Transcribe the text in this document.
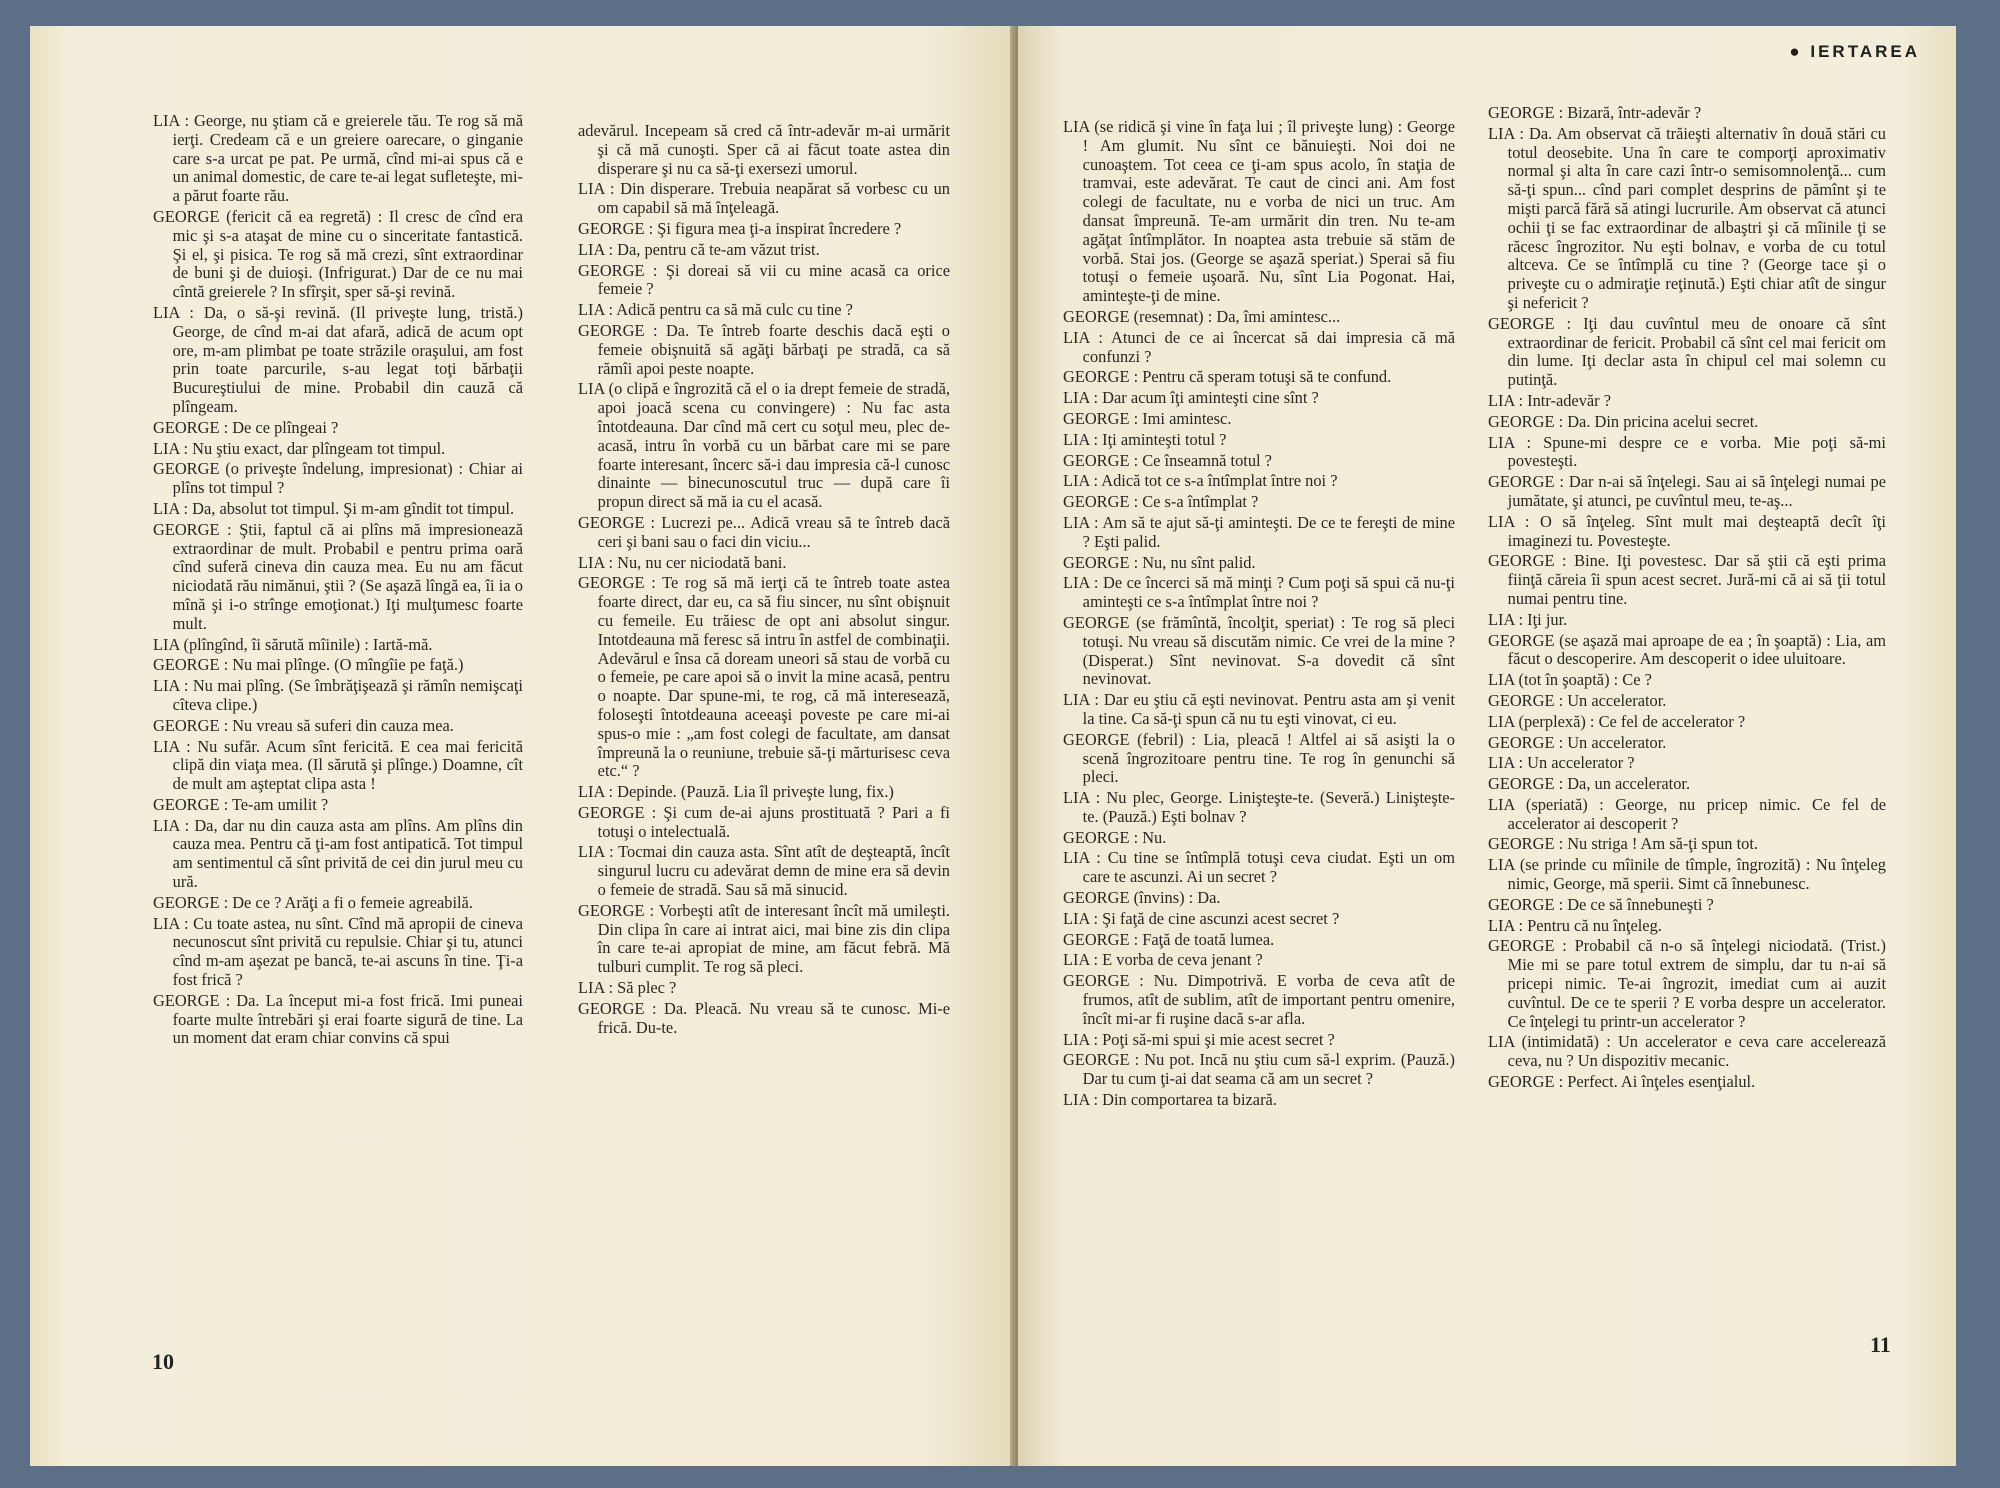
● IERTAREA

LIA : George, nu ştiam că e greierele tău. Te rog să mă ierţi. Credeam că e un greiere oarecare, o ginganie care s-a urcat pe pat. Pe urmă, cînd mi-ai spus că e un animal domestic, de care te-ai legat sufleteşte, mi-a părut foarte rău.

GEORGE (fericit că ea regretă) : Il cresc de cînd era mic şi s-a ataşat de mine cu o sinceritate fantastică. Şi el, şi pisica. Te rog să mă crezi, sînt extraordinar de buni şi de duioşi. (Infrigurat.) Dar de ce nu mai cîntă greierele ? In sfîrşit, sper să-şi revină.

LIA : Da, o să-şi revină. (Il priveşte lung, tristă.) George, de cînd m-ai dat afară, adică de acum opt ore, m-am plimbat pe toate străzile oraşului, am fost prin toate parcurile, s-au legat toţi bărbaţii Bucureştiului de mine. Probabil din cauză că plîngeam.

GEORGE : De ce plîngeai ?

LIA : Nu ştiu exact, dar plîngeam tot timpul.

GEORGE (o priveşte îndelung, impresionat) : Chiar ai plîns tot timpul ?

LIA : Da, absolut tot timpul. Şi m-am gîndit tot timpul.

GEORGE : Ştii, faptul că ai plîns mă impresionează extraordinar de mult. Probabil e pentru prima oară cînd suferă cineva din cauza mea. Eu nu am făcut niciodată rău nimănui, ştii ? (Se aşază lîngă ea, îi ia o mînă şi i-o strînge emoţionat.) Iţi mulţumesc foarte mult.

LIA (plîngînd, îi sărută mîinile) : Iartă-mă.

GEORGE : Nu mai plînge. (O mîngîie pe faţă.)

LIA : Nu mai plîng. (Se îmbrăţişează şi rămîn nemişcaţi cîteva clipe.)

GEORGE : Nu vreau să suferi din cauza mea.

LIA : Nu sufăr. Acum sînt fericită. E cea mai fericită clipă din viaţa mea. (Il sărută şi plînge.) Doamne, cît de mult am aşteptat clipa asta !

GEORGE : Te-am umilit ?

LIA : Da, dar nu din cauza asta am plîns. Am plîns din cauza mea. Pentru că ţi-am fost antipatică. Tot timpul am sentimentul că sînt privită de cei din jurul meu cu ură.

GEORGE : De ce ? Arăţi a fi o femeie agreabilă.

LIA : Cu toate astea, nu sînt. Cînd mă apropii de cineva necunoscut sînt privită cu repulsie. Chiar şi tu, atunci cînd m-am aşezat pe bancă, te-ai ascuns în tine. Ţi-a fost frică ?

GEORGE : Da. La început mi-a fost frică. Imi puneai foarte multe întrebări şi erai foarte sigură de tine. La un moment dat eram chiar convins că spui

adevărul. Incepeam să cred că într-adevăr m-ai urmărit şi că mă cunoşti. Sper că ai făcut toate astea din disperare şi nu ca să-ţi exersezi umorul.

LIA : Din disperare. Trebuia neapărat să vorbesc cu un om capabil să mă înţeleagă.

GEORGE : Şi figura mea ţi-a inspirat încredere ?

LIA : Da, pentru că te-am văzut trist.

GEORGE : Şi doreai să vii cu mine acasă ca orice femeie ?

LIA : Adică pentru ca să mă culc cu tine ?

GEORGE : Da. Te întreb foarte deschis dacă eşti o femeie obişnuită să agăţi bărbaţi pe stradă, ca să rămîi apoi peste noapte.

LIA (o clipă e îngrozită că el o ia drept femeie de stradă, apoi joacă scena cu convingere) : Nu fac asta întotdeauna. Dar cînd mă cert cu soţul meu, plec de-acasă, intru în vorbă cu un bărbat care mi se pare foarte interesant, încerc să-i dau impresia că-l cunosc dinainte — binecunoscutul truc — după care îi propun direct să mă ia cu el acasă.

GEORGE : Lucrezi pe... Adică vreau să te întreb dacă ceri şi bani sau o faci din viciu...

LIA : Nu, nu cer niciodată bani.

GEORGE : Te rog să mă ierţi că te întreb toate astea foarte direct, dar eu, ca să fiu sincer, nu sînt obişnuit cu femeile. Eu trăiesc de opt ani absolut singur. Intotdeauna mă feresc să intru în astfel de combinaţii. Adevărul e însa că doream uneori să stau de vorbă cu o femeie, pe care apoi să o invit la mine acasă, pentru o noapte. Dar spune-mi, te rog, că mă interesează, foloseşti întotdeauna aceeaşi poveste pe care mi-ai spus-o mie : „am fost colegi de facultate, am dansat împreună la o reuniune, trebuie să-ţi mărturisesc ceva etc.“ ?

LIA : Depinde. (Pauză. Lia îl priveşte lung, fix.)

GEORGE : Şi cum de-ai ajuns prostituată ? Pari a fi totuşi o intelectuală.

LIA : Tocmai din cauza asta. Sînt atît de deşteaptă, încît singurul lucru cu adevărat demn de mine era să devin o femeie de stradă. Sau să mă sinucid.

GEORGE : Vorbeşti atît de interesant încît mă umileşti. Din clipa în care ai intrat aici, mai bine zis din clipa în care te-ai apropiat de mine, am făcut febră. Mă tulburi cumplit. Te rog să pleci.

LIA : Să plec ?

GEORGE : Da. Pleacă. Nu vreau să te cunosc. Mi-e frică. Du-te.

LIA (se ridică şi vine în faţa lui ; îl priveşte lung) : George ! Am glumit. Nu sînt ce bănuieşti. Noi doi ne cunoaştem. Tot ceea ce ţi-am spus acolo, în staţia de tramvai, este adevărat. Te caut de cinci ani. Am fost colegi de facultate, nu e vorba de nici un truc. Am dansat împreună. Te-am urmărit din tren. Nu te-am agăţat întîmplător. In noaptea asta trebuie să stăm de vorbă. Stai jos. (George se aşază speriat.) Sperai să fiu totuşi o femeie uşoară. Nu, sînt Lia Pogonat. Hai, aminteşte-ţi de mine.

GEORGE (resemnat) : Da, îmi amintesc...

LIA : Atunci de ce ai încercat să dai impresia că mă confunzi ?

GEORGE : Pentru că speram totuşi să te confund.

LIA : Dar acum îţi aminteşti cine sînt ?

GEORGE : Imi amintesc.

LIA : Iţi aminteşti totul ?

GEORGE : Ce înseamnă totul ?

LIA : Adică tot ce s-a întîmplat între noi ?

GEORGE : Ce s-a întîmplat ?

LIA : Am să te ajut să-ţi aminteşti. De ce te fereşti de mine ? Eşti palid.

GEORGE : Nu, nu sînt palid.

LIA : De ce încerci să mă minţi ? Cum poţi să spui că nu-ţi aminteşti ce s-a întîmplat între noi ?

GEORGE (se frămîntă, încolţit, speriat) : Te rog să pleci totuşi. Nu vreau să discutăm nimic. Ce vrei de la mine ? (Disperat.) Sînt nevinovat. S-a dovedit că sînt nevinovat.

LIA : Dar eu ştiu că eşti nevinovat. Pentru asta am şi venit la tine. Ca să-ţi spun că nu tu eşti vinovat, ci eu.

GEORGE (febril) : Lia, pleacă ! Altfel ai să asişti la o scenă îngrozitoare pentru tine. Te rog în genunchi să pleci.

LIA : Nu plec, George. Linişteşte-te. (Severă.) Linişteşte-te. (Pauză.) Eşti bolnav ?

GEORGE : Nu.

LIA : Cu tine se întîmplă totuşi ceva ciudat. Eşti un om care te ascunzi. Ai un secret ?

GEORGE (învins) : Da.

LIA : Şi faţă de cine ascunzi acest secret ?

GEORGE : Faţă de toată lumea.

LIA : E vorba de ceva jenant ?

GEORGE : Nu. Dimpotrivă. E vorba de ceva atît de frumos, atît de sublim, atît de important pentru omenire, încît mi-ar fi ruşine dacă s-ar afla.

LIA : Poţi să-mi spui şi mie acest secret ?

GEORGE : Nu pot. Incă nu ştiu cum să-l exprim. (Pauză.) Dar tu cum ţi-ai dat seama că am un secret ?

LIA : Din comportarea ta bizară.

GEORGE : Bizară, într-adevăr ?

LIA : Da. Am observat că trăieşti alternativ în două stări cu totul deosebite. Una în care te comporţi aproximativ normal şi alta în care cazi într-o semisomnolenţă... cum să-ţi spun... cînd pari complet desprins de pămînt şi te mişti parcă fără să atingi lucrurile. Am observat că atunci ochii ţi se fac extraordinar de albaştri şi că mîinile ţi se răcesc îngrozitor. Nu eşti bolnav, e vorba de cu totul altceva. Ce se întîmplă cu tine ? (George tace şi o priveşte cu o admiraţie reţinută.) Eşti chiar atît de singur şi nefericit ?

GEORGE : Iţi dau cuvîntul meu de onoare că sînt extraordinar de fericit. Probabil că sînt cel mai fericit om din lume. Iţi declar asta în chipul cel mai solemn cu putinţă.

LIA : Intr-adevăr ?

GEORGE : Da. Din pricina acelui secret.

LIA : Spune-mi despre ce e vorba. Mie poţi să-mi povesteşti.

GEORGE : Dar n-ai să înţelegi. Sau ai să înţelegi numai pe jumătate, şi atunci, pe cuvîntul meu, te-aş...

LIA : O să înţeleg. Sînt mult mai deşteaptă decît îţi imaginezi tu. Povesteşte.

GEORGE : Bine. Iţi povestesc. Dar să ştii că eşti prima fiinţă căreia îi spun acest secret. Jură-mi că ai să ţii totul numai pentru tine.

LIA : Iţi jur.

GEORGE (se aşază mai aproape de ea ; în şoaptă) : Lia, am făcut o descoperire. Am descoperit o idee uluitoare.

LIA (tot în şoaptă) : Ce ?

GEORGE : Un accelerator.

LIA (perplexă) : Ce fel de accelerator ?

GEORGE : Un accelerator.

LIA : Un accelerator ?

GEORGE : Da, un accelerator.

LIA (speriată) : George, nu pricep nimic. Ce fel de accelerator ai descoperit ?

GEORGE : Nu striga ! Am să-ţi spun tot.

LIA (se prinde cu mîinile de tîmple, îngrozită) : Nu înţeleg nimic, George, mă sperii. Simt că înnebunesc.

GEORGE : De ce să înnebuneşti ?

LIA : Pentru că nu înţeleg.

GEORGE : Probabil că n-o să înţelegi niciodată. (Trist.) Mie mi se pare totul extrem de simplu, dar tu n-ai să pricepi nimic. Te-ai îngrozit, imediat cum ai auzit cuvîntul. De ce te sperii ? E vorba despre un accelerator. Ce înţelegi tu printr-un accelerator ?

LIA (intimidată) : Un accelerator e ceva care accelerează ceva, nu ? Un dispozitiv mecanic.

GEORGE : Perfect. Ai înţeles esenţialul.

10
11
